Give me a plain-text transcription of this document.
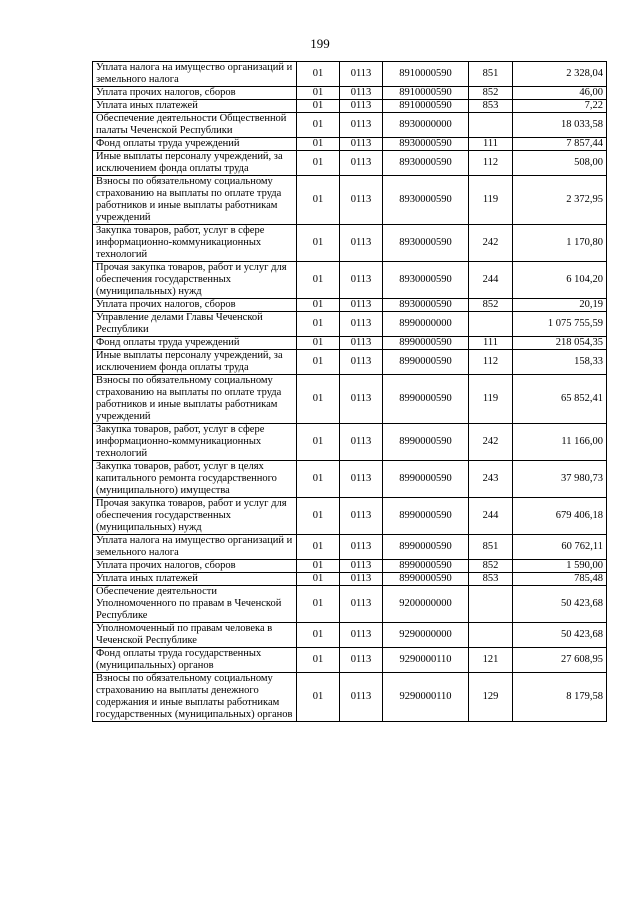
199
Уплата налога на имущество организаций и земельного налога	01	0113	8910000590	851	2 328,04
Уплата прочих налогов, сборов	01	0113	8910000590	852	46,00
Уплата иных платежей	01	0113	8910000590	853	7,22
Обеспечение деятельности Общественной палаты Чеченской Республики	01	0113	8930000000		18 033,58
Фонд оплаты труда учреждений	01	0113	8930000590	111	7 857,44
Иные выплаты персоналу учреждений, за исключением фонда оплаты труда	01	0113	8930000590	112	508,00
Взносы по обязательному социальному страхованию на выплаты по оплате труда работников и иные выплаты работникам учреждений	01	0113	8930000590	119	2 372,95
Закупка товаров, работ, услуг в сфере информационно-коммуникационных технологий	01	0113	8930000590	242	1 170,80
Прочая закупка товаров, работ и услуг для обеспечения государственных (муниципальных) нужд	01	0113	8930000590	244	6 104,20
Уплата прочих налогов, сборов	01	0113	8930000590	852	20,19
Управление делами Главы Чеченской Республики	01	0113	8990000000		1 075 755,59
Фонд оплаты труда учреждений	01	0113	8990000590	111	218 054,35
Иные выплаты персоналу учреждений, за исключением фонда оплаты труда	01	0113	8990000590	112	158,33
Взносы по обязательному социальному страхованию на выплаты по оплате труда работников и иные выплаты работникам учреждений	01	0113	8990000590	119	65 852,41
Закупка товаров, работ, услуг в сфере информационно-коммуникационных технологий	01	0113	8990000590	242	11 166,00
Закупка товаров, работ, услуг в целях капитального ремонта государственного (муниципального) имущества	01	0113	8990000590	243	37 980,73
Прочая закупка товаров, работ и услуг для обеспечения государственных (муниципальных) нужд	01	0113	8990000590	244	679 406,18
Уплата налога на имущество организаций и земельного налога	01	0113	8990000590	851	60 762,11
Уплата прочих налогов, сборов	01	0113	8990000590	852	1 590,00
Уплата иных платежей	01	0113	8990000590	853	785,48
Обеспечение деятельности Уполномоченного по правам в Чеченской Республике	01	0113	9200000000		50 423,68
Уполномоченный по правам человека в Чеченской Республике	01	0113	9290000000		50 423,68
Фонд оплаты труда государственных (муниципальных) органов	01	0113	9290000110	121	27 608,95
Взносы по обязательному социальному страхованию на выплаты денежного содержания и иные выплаты работникам государственных (муниципальных) органов	01	0113	9290000110	129	8 179,58
